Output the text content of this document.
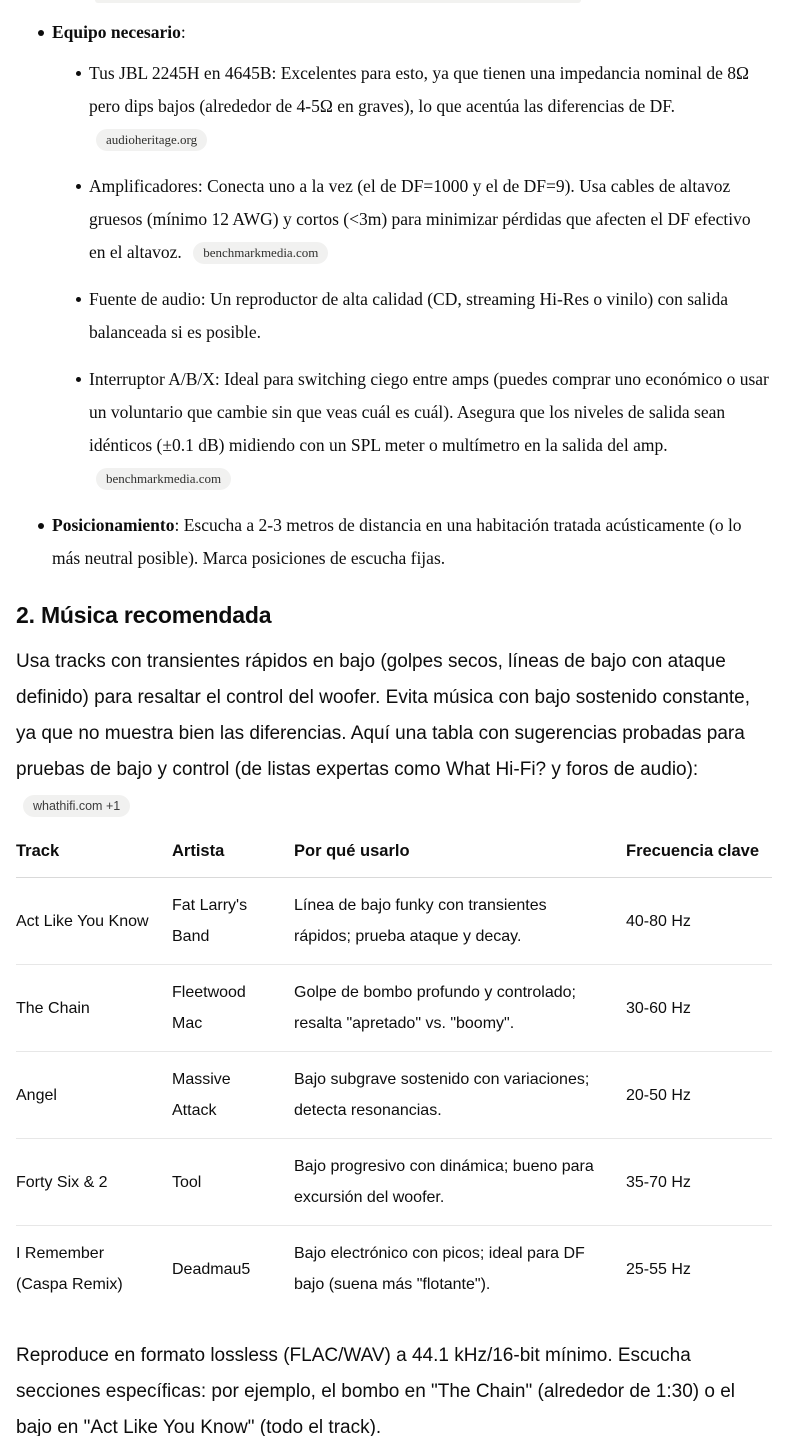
Equipo necesario:
Tus JBL 2245H en 4645B: Excelentes para esto, ya que tienen una impedancia nominal de 8Ω pero dips bajos (alrededor de 4-5Ω en graves), lo que acentúa las diferencias de DF. audioheritage.org
Amplificadores: Conecta uno a la vez (el de DF=1000 y el de DF=9). Usa cables de altavoz gruesos (mínimo 12 AWG) y cortos (<3m) para minimizar pérdidas que afecten el DF efectivo en el altavoz. benchmarkmedia.com
Fuente de audio: Un reproductor de alta calidad (CD, streaming Hi-Res o vinilo) con salida balanceada si es posible.
Interruptor A/B/X: Ideal para switching ciego entre amps (puedes comprar uno económico o usar un voluntario que cambie sin que veas cuál es cuál). Asegura que los niveles de salida sean idénticos (±0.1 dB) midiendo con un SPL meter o multímetro en la salida del amp. benchmarkmedia.com
Posicionamiento: Escucha a 2-3 metros de distancia en una habitación tratada acústicamente (o lo más neutral posible). Marca posiciones de escucha fijas.
2. Música recomendada

Usa tracks con transientes rápidos en bajo (golpes secos, líneas de bajo con ataque definido) para resaltar el control del woofer. Evita música con bajo sostenido constante, ya que no muestra bien las diferencias. Aquí una tabla con sugerencias probadas para pruebas de bajo y control (de listas expertas como What Hi-Fi? y foros de audio): whathifi.com +1

Track	Artista	Por qué usarlo	Frecuencia clave
Act Like You Know	Fat Larry's Band	Línea de bajo funky con transientes rápidos; prueba ataque y decay.	40-80 Hz
The Chain	Fleetwood Mac	Golpe de bombo profundo y controlado; resalta "apretado" vs. "boomy".	30-60 Hz
Angel	Massive Attack	Bajo subgrave sostenido con variaciones; detecta resonancias.	20-50 Hz
Forty Six & 2	Tool	Bajo progresivo con dinámica; bueno para excursión del woofer.	35-70 Hz
I Remember (Caspa Remix)	Deadmau5	Bajo electrónico con picos; ideal para DF bajo (suena más "flotante").	25-55 Hz

Reproduce en formato lossless (FLAC/WAV) a 44.1 kHz/16-bit mínimo. Escucha secciones específicas: por ejemplo, el bombo en "The Chain" (alrededor de 1:30) o el bajo en "Act Like You Know" (todo el track).
